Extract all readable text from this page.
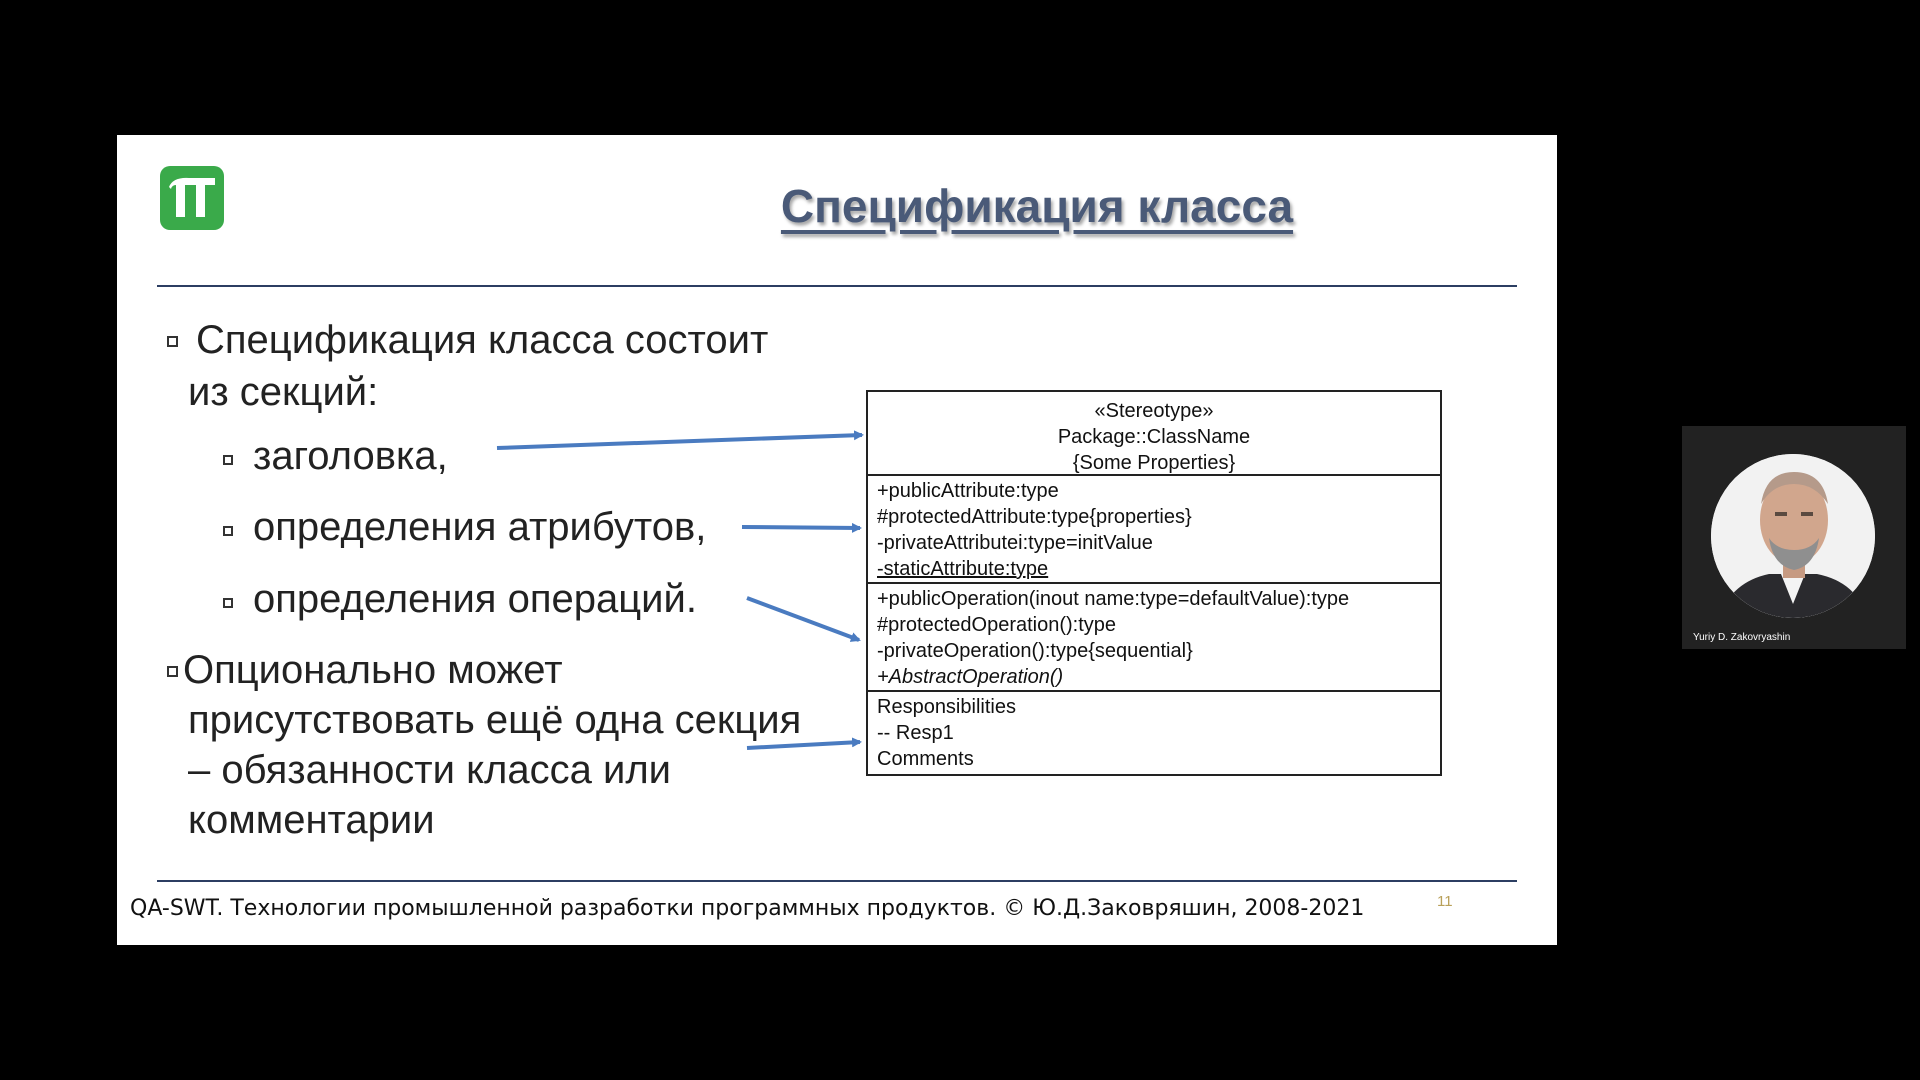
Спецификация класса
Спецификация класса состоит
из секций:
заголовка,
определения атрибутов,
определения операций.
Опционально может
присутствовать ещё одна секция
– обязанности класса или
комментарии
«Stereotype»
Package::ClassName
{Some Properties}
+publicAttribute:type
#protectedAttribute:type{properties}
-privateAttributei:type=initValue
-staticAttribute:type
+publicOperation(inout name:type=defaultValue):type
#protectedOperation():type
-privateOperation():type{sequential}
+AbstractOperation()
Responsibilities
-- Resp1
Comments
QA-SWT. Технологии промышленной разработки программных продуктов. © Ю.Д.Заковряшин, 2008-2021	11
Yuriy D. Zakovryashin
